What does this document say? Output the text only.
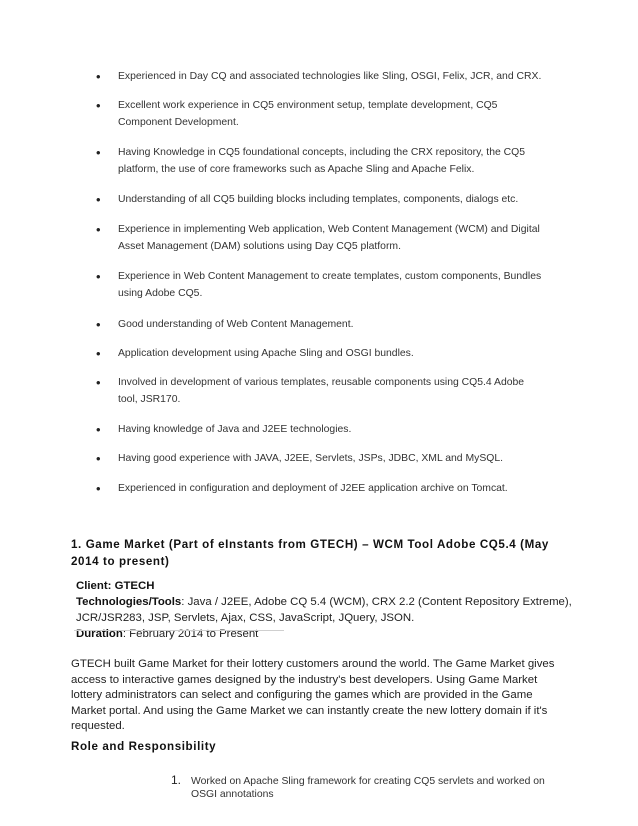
• Experienced in Day CQ and associated technologies like Sling, OSGI, Felix, JCR, and CRX.
• Excellent work experience in CQ5 environment setup, template development, CQ5 Component Development.
• Having Knowledge in CQ5 foundational concepts, including the CRX repository, the CQ5 platform, the use of core frameworks such as Apache Sling and Apache Felix.
• Understanding of all CQ5 building blocks including templates, components, dialogs etc.
• Experience in implementing Web application, Web Content Management (WCM) and Digital Asset Management (DAM) solutions using Day CQ5 platform.
• Experience in Web Content Management to create templates, custom components, Bundles using Adobe CQ5.
• Good understanding of Web Content Management.
• Application development using Apache Sling and OSGI bundles.
• Involved in development of various templates, reusable components using CQ5.4 Adobe tool, JSR170.
• Having knowledge of Java and J2EE technologies.
• Having good experience with JAVA, J2EE, Servlets, JSPs, JDBC, XML and MySQL.
• Experienced in configuration and deployment of J2EE application archive on Tomcat.
1. Game Market (Part of eInstants from GTECH) – WCM Tool Adobe CQ5.4 (May 2014 to present)
Client: GTECH
Technologies/Tools: Java / J2EE, Adobe CQ 5.4 (WCM), CRX 2.2 (Content Repository Extreme), JCR/JSR283, JSP, Servlets, Ajax, CSS, JavaScript, JQuery, JSON.
Duration: February 2014 to Present
GTECH built Game Market for their lottery customers around the world. The Game Market gives access to interactive games designed by the industry's best developers. Using Game Market lottery administrators can select and configuring the games which are provided in the Game Market portal. And using the Game Market we can instantly create the new lottery domain if it's requested.
Role and Responsibility
1. Worked on Apache Sling framework for creating CQ5 servlets and worked on OSGI annotations
